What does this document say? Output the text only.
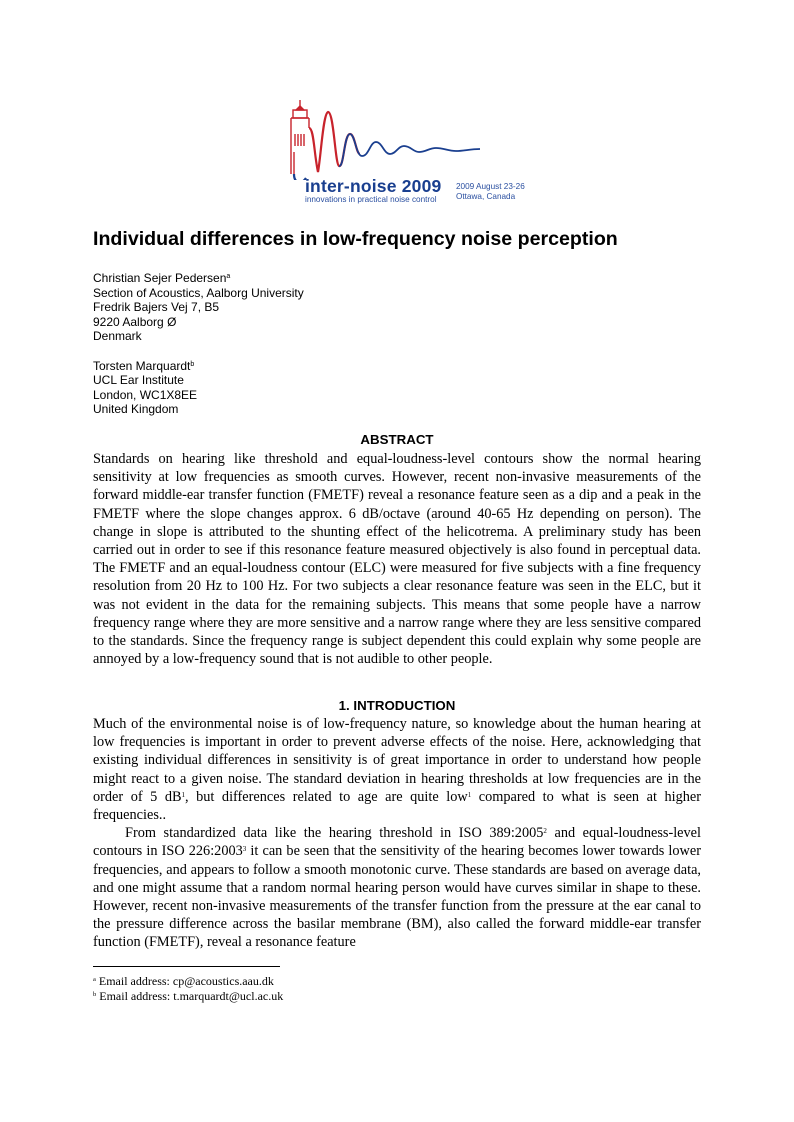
inter-noise 2009
innovations in practical noise control
2009 August 23-26
Ottawa, Canada
Individual differences in low-frequency noise perception
Christian Sejer Pedersen$^a$
Section of Acoustics, Aalborg University
Fredrik Bajers Vej 7, B5
9220 Aalborg Ø
Denmark
Torsten Marquardt$^b$
UCL Ear Institute
London, WC1X8EE
United Kingdom
ABSTRACT

Standards on hearing like threshold and equal-loudness-level contours show the normal hearing sensitivity at low frequencies as smooth curves. However, recent non-invasive measurements of the forward middle-ear transfer function (FMETF) reveal a resonance feature seen as a dip and a peak in the FMETF where the slope changes approx. 6 dB/octave (around 40-65 Hz depending on person). The change in slope is attributed to the shunting effect of the helicotrema. A preliminary study has been carried out in order to see if this resonance feature measured objectively is also found in perceptual data. The FMETF and an equal-loudness contour (ELC) were measured for five subjects with a fine frequency resolution from 20 Hz to 100 Hz. For two subjects a clear resonance feature was seen in the ELC, but it was not evident in the data for the remaining subjects. This means that some people have a narrow frequency range where they are more sensitive and a narrow range where they are less sensitive compared to the standards. Since the frequency range is subject dependent this could explain why some people are annoyed by a low-frequency sound that is not audible to other people.

1. INTRODUCTION

Much of the environmental noise is of low-frequency nature, so knowledge about the human hearing at low frequencies is important in order to prevent adverse effects of the noise. Here, acknowledging that existing individual differences in sensitivity is of great importance in order to understand how people might react to a given noise. The standard deviation in hearing thresholds at low frequencies are in the order of 5 $dB^1$, but differences related to age are quite low$^1$ compared to what is seen at higher frequencies..

From standardized data like the hearing threshold in ISO 389:2005$^2$ and equal-loudness-level contours in ISO 226:2003$^3$ it can be seen that the sensitivity of the hearing becomes lower towards lower frequencies, and appears to follow a smooth monotonic curve. These standards are based on average data, and one might assume that a random normal hearing person would have curves similar in shape to these. However, recent non-invasive measurements of the transfer function from the pressure at the ear canal to the pressure difference across the basilar membrane (BM), also called the forward middle-ear transfer function (FMETF), reveal a resonance feature

$^a$ Email address: cp@acoustics.aau.dk
$^b$ Email address: t.marquardt@ucl.ac.uk
